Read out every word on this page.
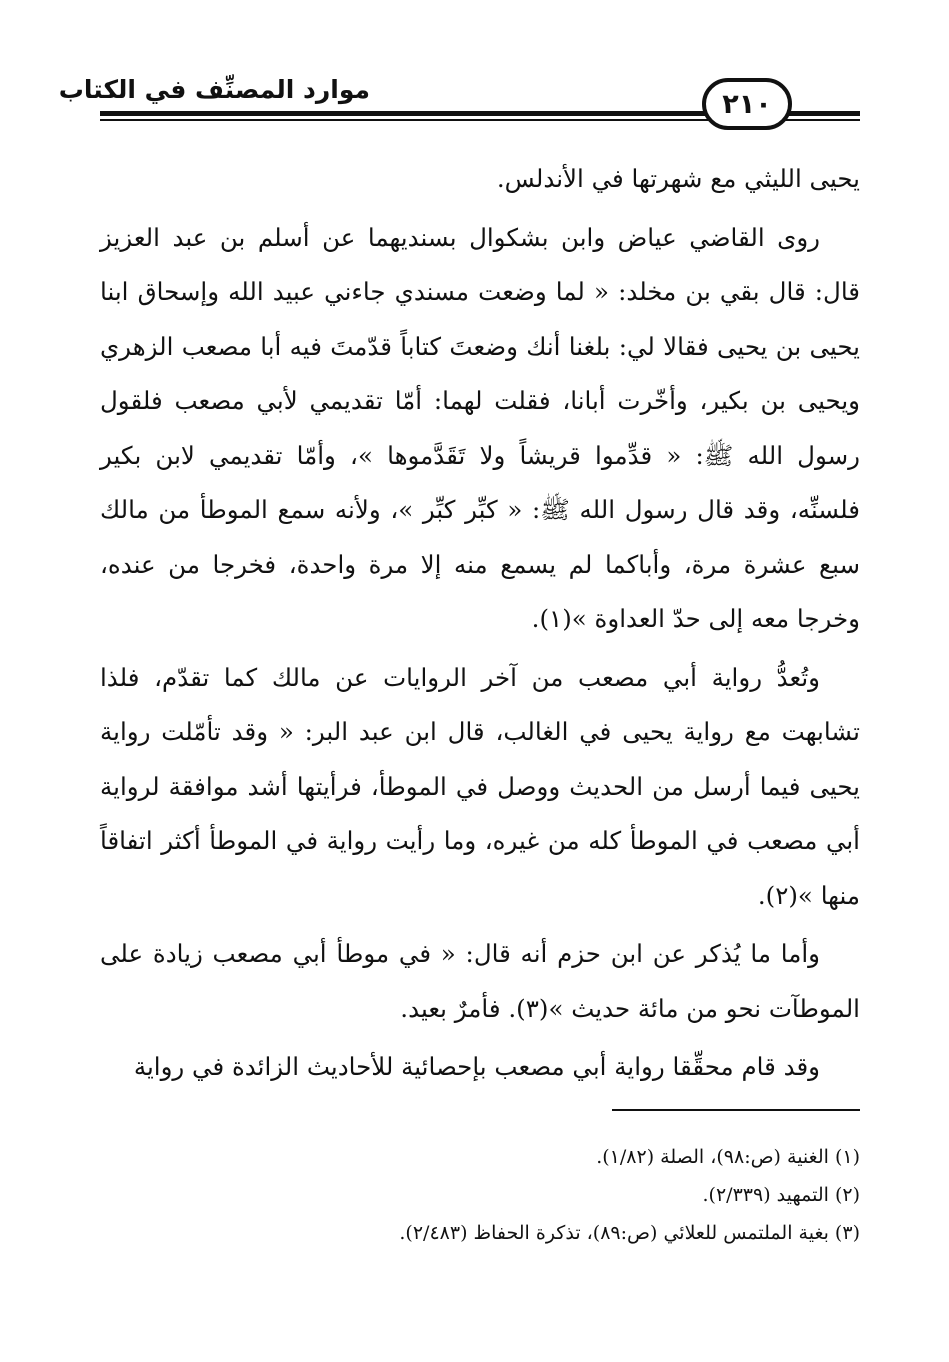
موارد المصنِّف في الكتاب	٢١٠

يحيى الليثي مع شهرتها في الأندلس.

روى القاضي عياض وابن بشكوال بسنديهما عن أسلم بن عبد العزيز قال: قال بقي بن مخلد: « لما وضعت مسندي جاءني عبيد الله وإسحاق ابنا يحيى بن يحيى فقالا لي: بلغنا أنك وضعتَ كتاباً قدّمتَ فيه أبا مصعب الزهري ويحيى بن بكير، وأخّرت أبانا، فقلت لهما: أمّا تقديمي لأبي مصعب فلقول رسول الله ﷺ: « قدِّموا قريشاً ولا تَقَدَّموها »، وأمّا تقديمي لابن بكير فلسنِّه، وقد قال رسول الله ﷺ: « كبِّر كبِّر »، ولأنه سمع الموطأ من مالك سبع عشرة مرة، وأباكما لم يسمع منه إلا مرة واحدة، فخرجا من عنده، وخرجا معه إلى حدّ العداوة »(١).

وتُعدُّ رواية أبي مصعب من آخر الروايات عن مالك كما تقدّم، فلذا تشابهت مع رواية يحيى في الغالب، قال ابن عبد البر: « وقد تأمّلت رواية يحيى فيما أرسل من الحديث ووصل في الموطأ، فرأيتها أشد موافقة لرواية أبي مصعب في الموطأ كله من غيره، وما رأيت رواية في الموطأ أكثر اتفاقاً منها »(٢).

وأما ما يُذكر عن ابن حزم أنه قال: « في موطأ أبي مصعب زيادة على الموطآت نحو من مائة حديث »(٣). فأمرٌ بعيد.

وقد قام محقِّقا رواية أبي مصعب بإحصائية للأحاديث الزائدة في رواية

(١) الغنية (ص:٩٨)، الصلة (١/٨٢).
(٢) التمهيد (٢/٣٣٩).
(٣) بغية الملتمس للعلائي (ص:٨٩)، تذكرة الحفاظ (٢/٤٨٣).
